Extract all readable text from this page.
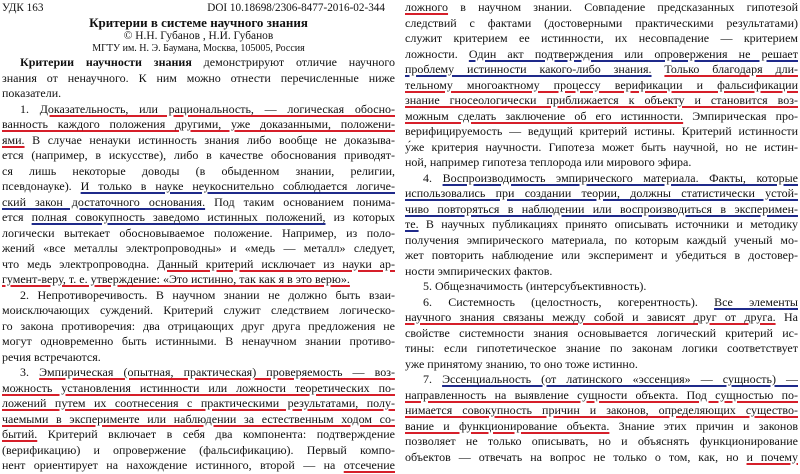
УДК 163	DOI 10.18698/2306-8477-2016-02-344
Критерии в системе научного знания
© Н.Н. Губанов , Н.И. Губанов
МГТУ им. Н. Э. Баумана, Москва, 105005, Россия
Критерии научности знания демонстрируют отличие научного
знания от ненаучного. К ним можно отнести перечисленные ниже
показатели.
1. Доказательность, или рациональность, — логическая обосно-
ванность каждого положения другими, уже доказанными, положени-
ями. В случае ненауки истинность знания либо вообще не доказыва-
ется (например, в искусстве), либо в качестве обоснования приводят-
ся лишь некоторые доводы (в обыденном знании, религии,
псевдонауке). И только в науке неукоснительно соблюдается логиче-
ский закон достаточного основания. Под таким основанием понима-
ется полная совокупность заведомо истинных положений, из которых
логически вытекает обосновываемое положение. Например, из поло-
жений «все металлы электропроводны» и «медь — металл» следует,
что медь электропроводна. Данный критерий исключает из науки ар-
гумент-веру, т. е. утверждение: «Это истинно, так как я в это верю».
2. Непротиворечивость. В научном знании не должно быть взаи-
моисключающих суждений. Критерий служит следствием логическо-
го закона противоречия: два отрицающих друг друга предложения не
могут одновременно быть истинными. В ненаучном знании противо-
речия встречаются.
3. Эмпирическая (опытная, практическая) проверяемость — воз-
можность установления истинности или ложности теоретических по-
ложений путем их соотнесения с практическими результатами, полу-
чаемыми в эксперименте или наблюдении за естественным ходом со-
бытий. Критерий включает в себя два компонента: подтверждение
(верификацию) и опровержение (фальсификацию). Первый компо-
нент ориентирует на нахождение истинного, второй — на отсечение
ложного в научном знании. Совпадение предсказанных гипотезой
следствий с фактами (достоверными практическими результатами)
служит критерием ее истинности, их несовпадение — критерием
ложности. Один акт подтверждения или опровержения не решает
проблему истинности какого-либо знания. Только благодаря дли-
тельному многоактному процессу верификации и фальсификации
знание гносеологически приближается к объекту и становится воз-
можным сделать заключение об его истинности. Эмпирическая про-
верифицируемость — ведущий критерий истины. Критерий истинности
у́же критерия научности. Гипотеза может быть научной, но не истин-
ной, например гипотеза теплорода или мирового эфира.
4. Воспроизводимость эмпирического материала. Факты, которые
использовались при создании теории, должны статистически устой-
чиво повторяться в наблюдении или воспроизводиться в эксперимен-
те. В научных публикациях принято описывать источники и методику
получения эмпирического материала, по которым каждый ученый мо-
жет повторить наблюдение или эксперимент и убедиться в достовер-
ности эмпирических фактов.
5. Общезначимость (интерсубъективность).
6. Системность (целостность, когерентность). Все элементы
научного знания связаны между собой и зависят друг от друга. На
свойстве системности знания основывается логический критерий ис-
тины: если гипотетическое знание по законам логики соответствует
уже принятому знанию, то оно тоже истинно.
7. Эссенциальность (от латинского «эссенция» — сущность) —
направленность на выявление сущности объекта. Под сущностью по-
нимается совокупность причин и законов, определяющих существо-
вание и функционирование объекта. Знание этих причин и законов
позволяет не только описывать, но и объяснять функционирование
объектов — отвечать на вопрос не только о том, как, но и почему
